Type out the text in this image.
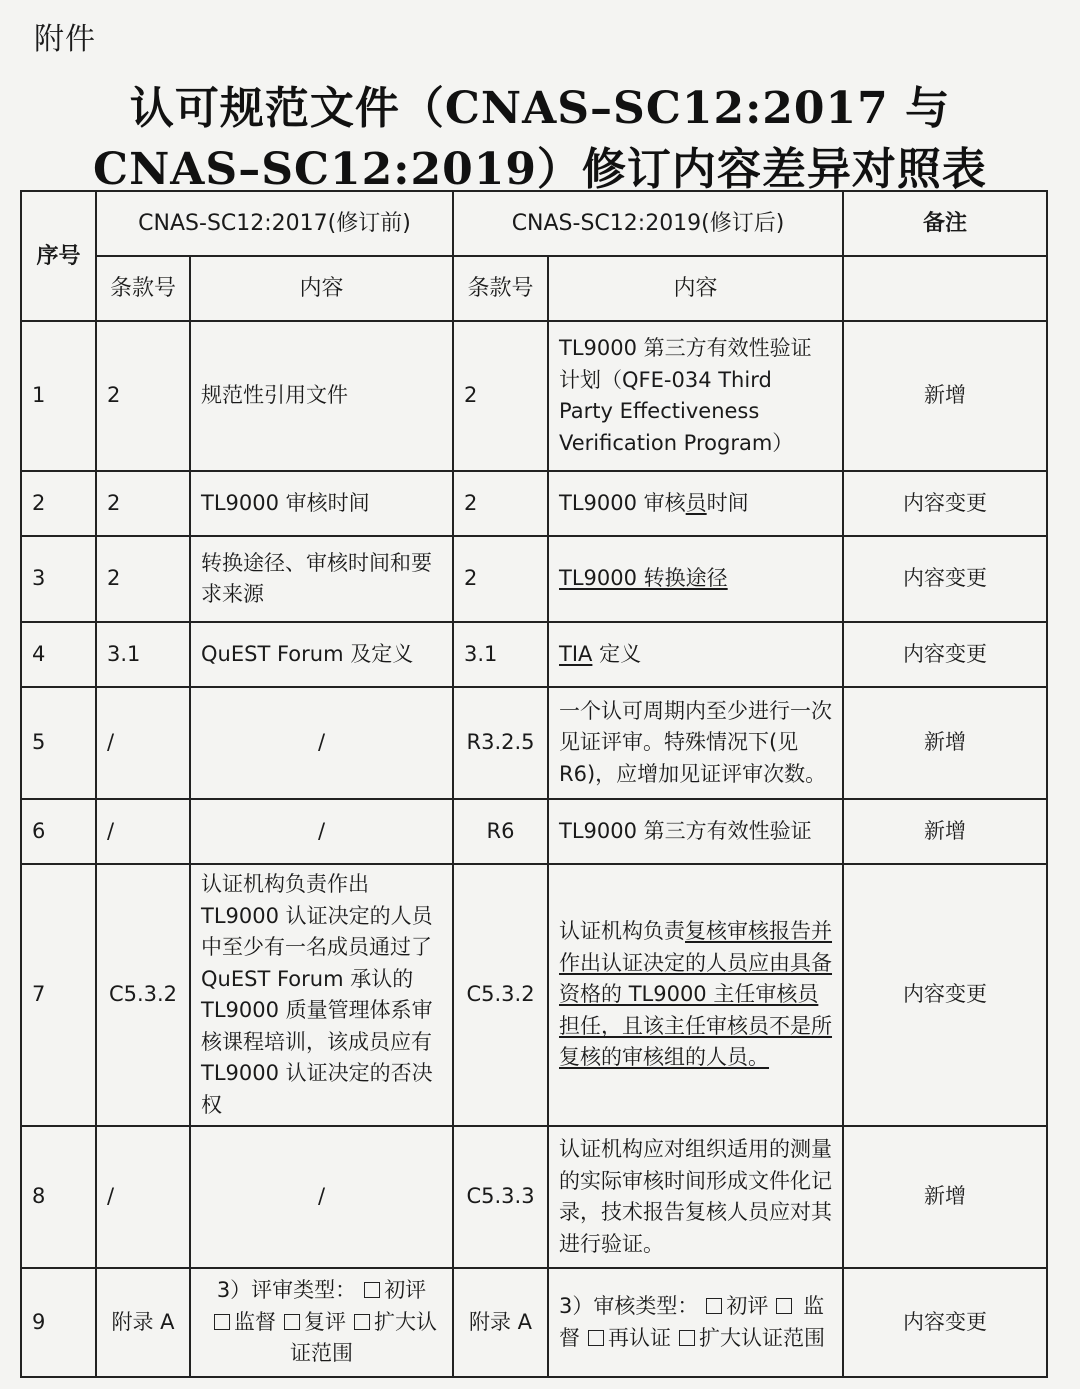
附件
认可规范文件（CNAS–SC12:2017 与
CNAS–SC12:2019）修订内容差异对照表
序号	CNAS-SC12:2017(修订前)		CNAS-SC12:2019(修订后)		备注
	条款号	内容	条款号	内容	
1	2	规范性引用文件	2	TL9000 第三方有效性验证计划（QFE-034 Third Party Effectiveness Verification Program）	新增
2	2	TL9000 审核时间	2	TL9000 审核员时间	内容变更
3	2	转换途径、审核时间和要求来源	2	TL9000 转换途径	内容变更
4	3.1	QuEST Forum 及定义	3.1	TIA 定义	内容变更
5	/	/	R3.2.5	一个认可周期内至少进行一次见证评审。特殊情况下(见R6)，应增加见证评审次数。	新增
6	/	/	R6	TL9000 第三方有效性验证	新增
7	C5.3.2	认证机构负责作出TL9000 认证决定的人员中至少有一名成员通过了 QuEST Forum 承认的 TL9000 质量管理体系审核课程培训，该成员应有 TL9000 认证决定的否决权	C5.3.2	认证机构负责复核审核报告并作出认证决定的人员应由具备资格的 TL9000 主任审核员担任，且该主任审核员不是所复核的审核组的人员。	内容变更
8	/	/	C5.3.3	认证机构应对组织适用的测量的实际审核时间形成文件化记录，技术报告复核人员应对其进行验证。	新增
9	附录 A	3）评审类型： 初评 监督 复评 扩大认证范围	附录 A	3）审核类型： 初评 监督 再认证 扩大认证范围	内容变更
